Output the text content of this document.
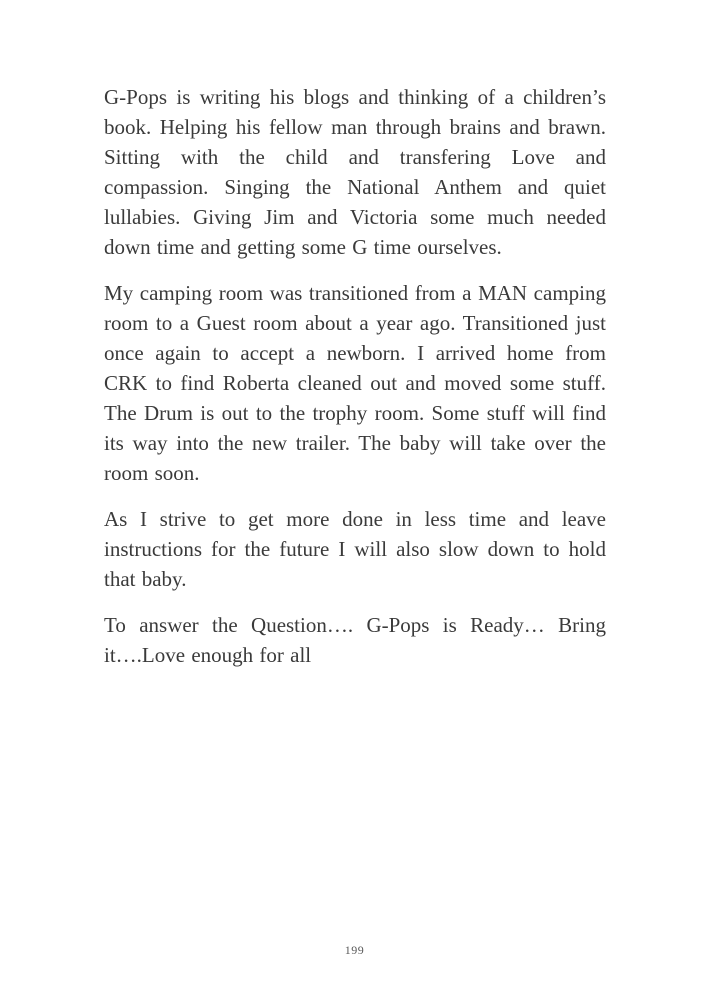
G-Pops is writing his blogs and thinking of a children’s book. Helping his fellow man through brains and brawn. Sitting with the child and transfering Love and compassion. Singing the National Anthem and quiet lullabies. Giving Jim and Victoria some much needed down time and getting some G time ourselves.

My camping room was transitioned from a MAN camping room to a Guest room about a year ago. Transitioned just once again to accept a newborn. I arrived home from CRK to find Roberta cleaned out and moved some stuff. The Drum is out to the trophy room. Some stuff will find its way into the new trailer. The baby will take over the room soon.

As I strive to get more done in less time and leave instructions for the future I will also slow down to hold that baby.

To answer the Question…. G-Pops is Ready… Bring it….Love enough for all

199
